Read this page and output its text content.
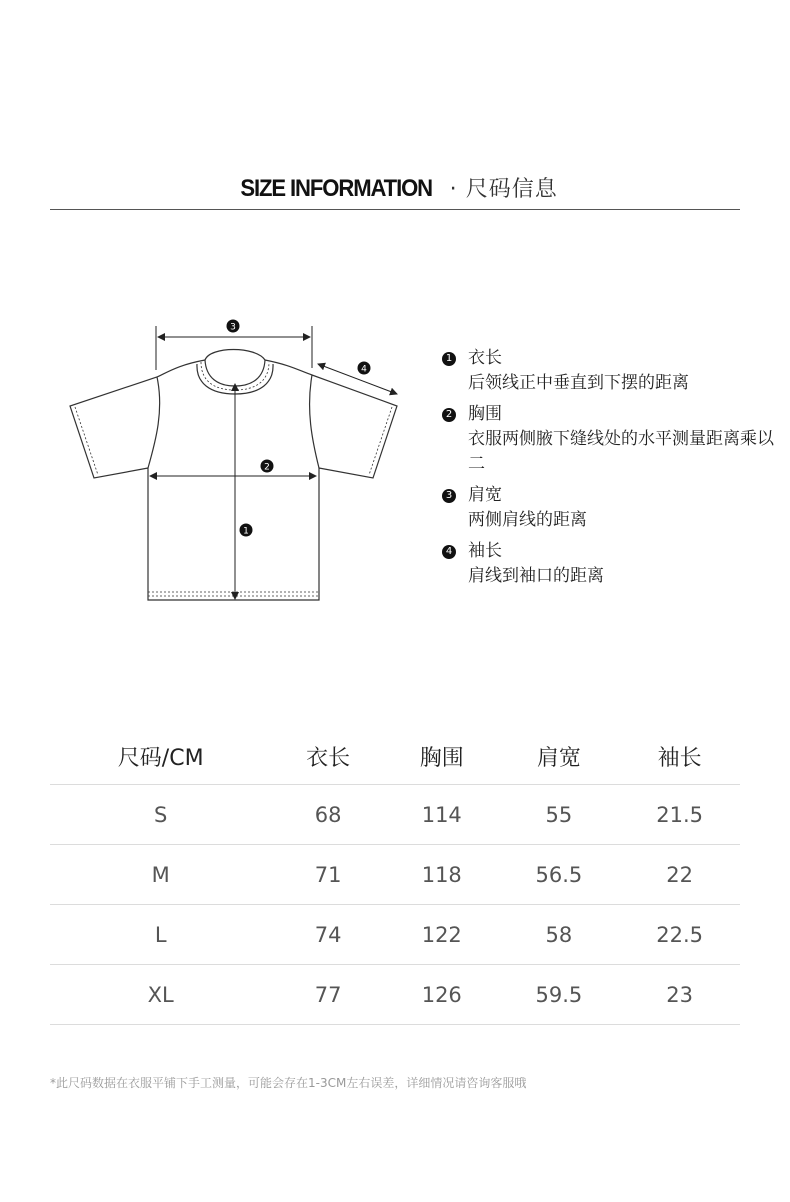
SIZE INFORMATION · 尺码信息
3
4
2
1
1 衣长
后领线正中垂直到下摆的距离
2 胸围
衣服两侧腋下缝线处的水平测量距离乘以二
3 肩宽
两侧肩线的距离
4 袖长
肩线到袖口的距离
尺码/CM	衣长	胸围	肩宽	袖长
S	68	114	55	21.5
M	71	118	56.5	22
L	74	122	58	22.5
XL	77	126	59.5	23
*此尺码数据在衣服平铺下手工测量，可能会存在1-3CM左右误差，详细情况请咨询客服哦
